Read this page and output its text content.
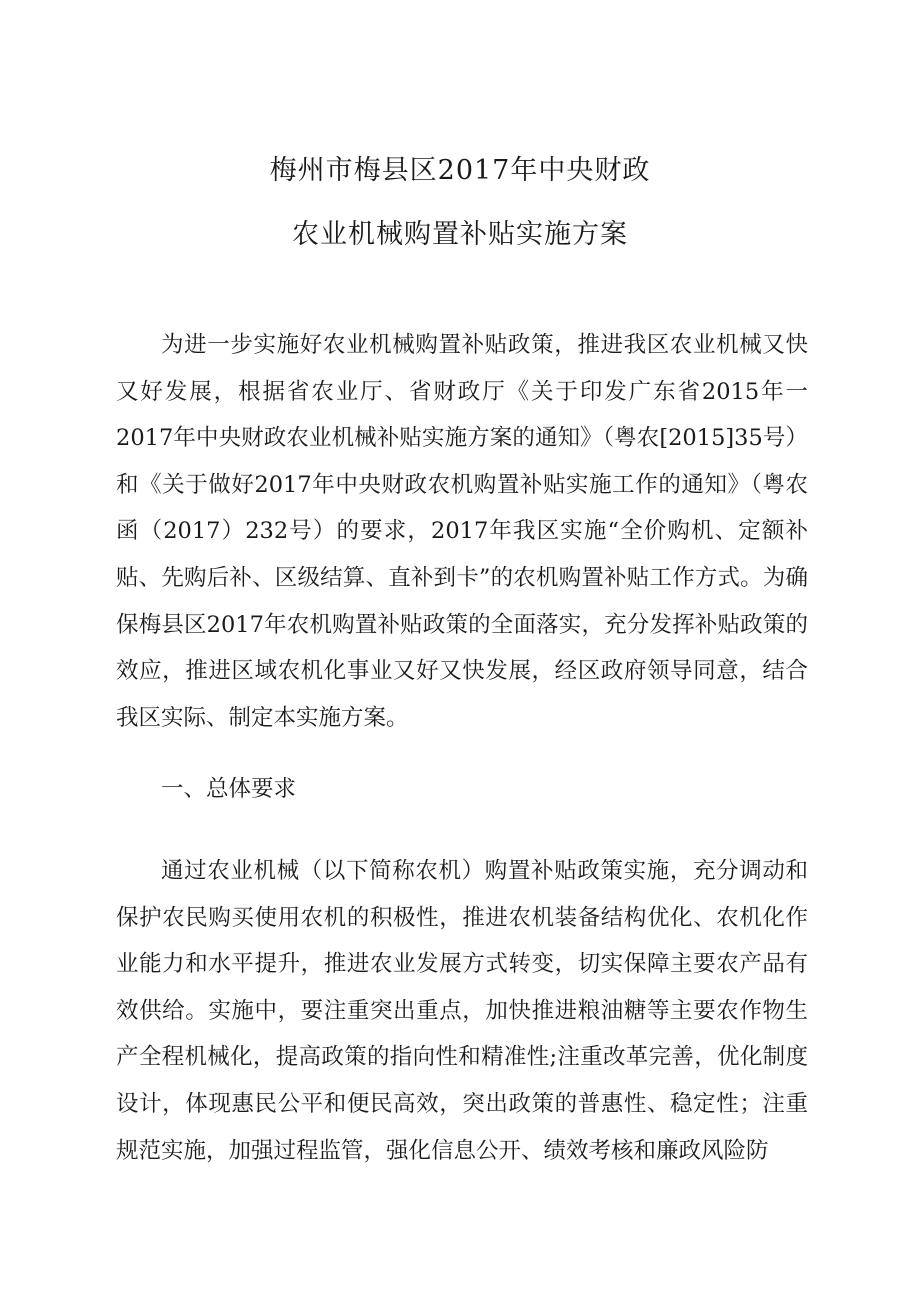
梅州市梅县区2017年中央财政
农业机械购置补贴实施方案

为进一步实施好农业机械购置补贴政策，推进我区农业机械又快又好发展，根据省农业厅、省财政厅《关于印发广东省2015年一2017年中央财政农业机械补贴实施方案的通知》（粤农[2015]35号）和《关于做好2017年中央财政农机购置补贴实施工作的通知》（粤农函（2017）232号）的要求，2017年我区实施“全价购机、定额补贴、先购后补、区级结算、直补到卡”的农机购置补贴工作方式。为确保梅县区2017年农机购置补贴政策的全面落实，充分发挥补贴政策的效应，推进区域农机化事业又好又快发展，经区政府领导同意，结合我区实际、制定本实施方案。

一、总体要求

通过农业机械（以下简称农机）购置补贴政策实施，充分调动和保护农民购买使用农机的积极性，推进农机装备结构优化、农机化作业能力和水平提升，推进农业发展方式转变，切实保障主要农产品有效供给。实施中，要注重突出重点，加快推进粮油糖等主要农作物生产全程机械化，提高政策的指向性和精准性;注重改革完善，优化制度设计，体现惠民公平和便民高效，突出政策的普惠性、稳定性；注重规范实施，加强过程监管，强化信息公开、绩效考核和廉政风险防
